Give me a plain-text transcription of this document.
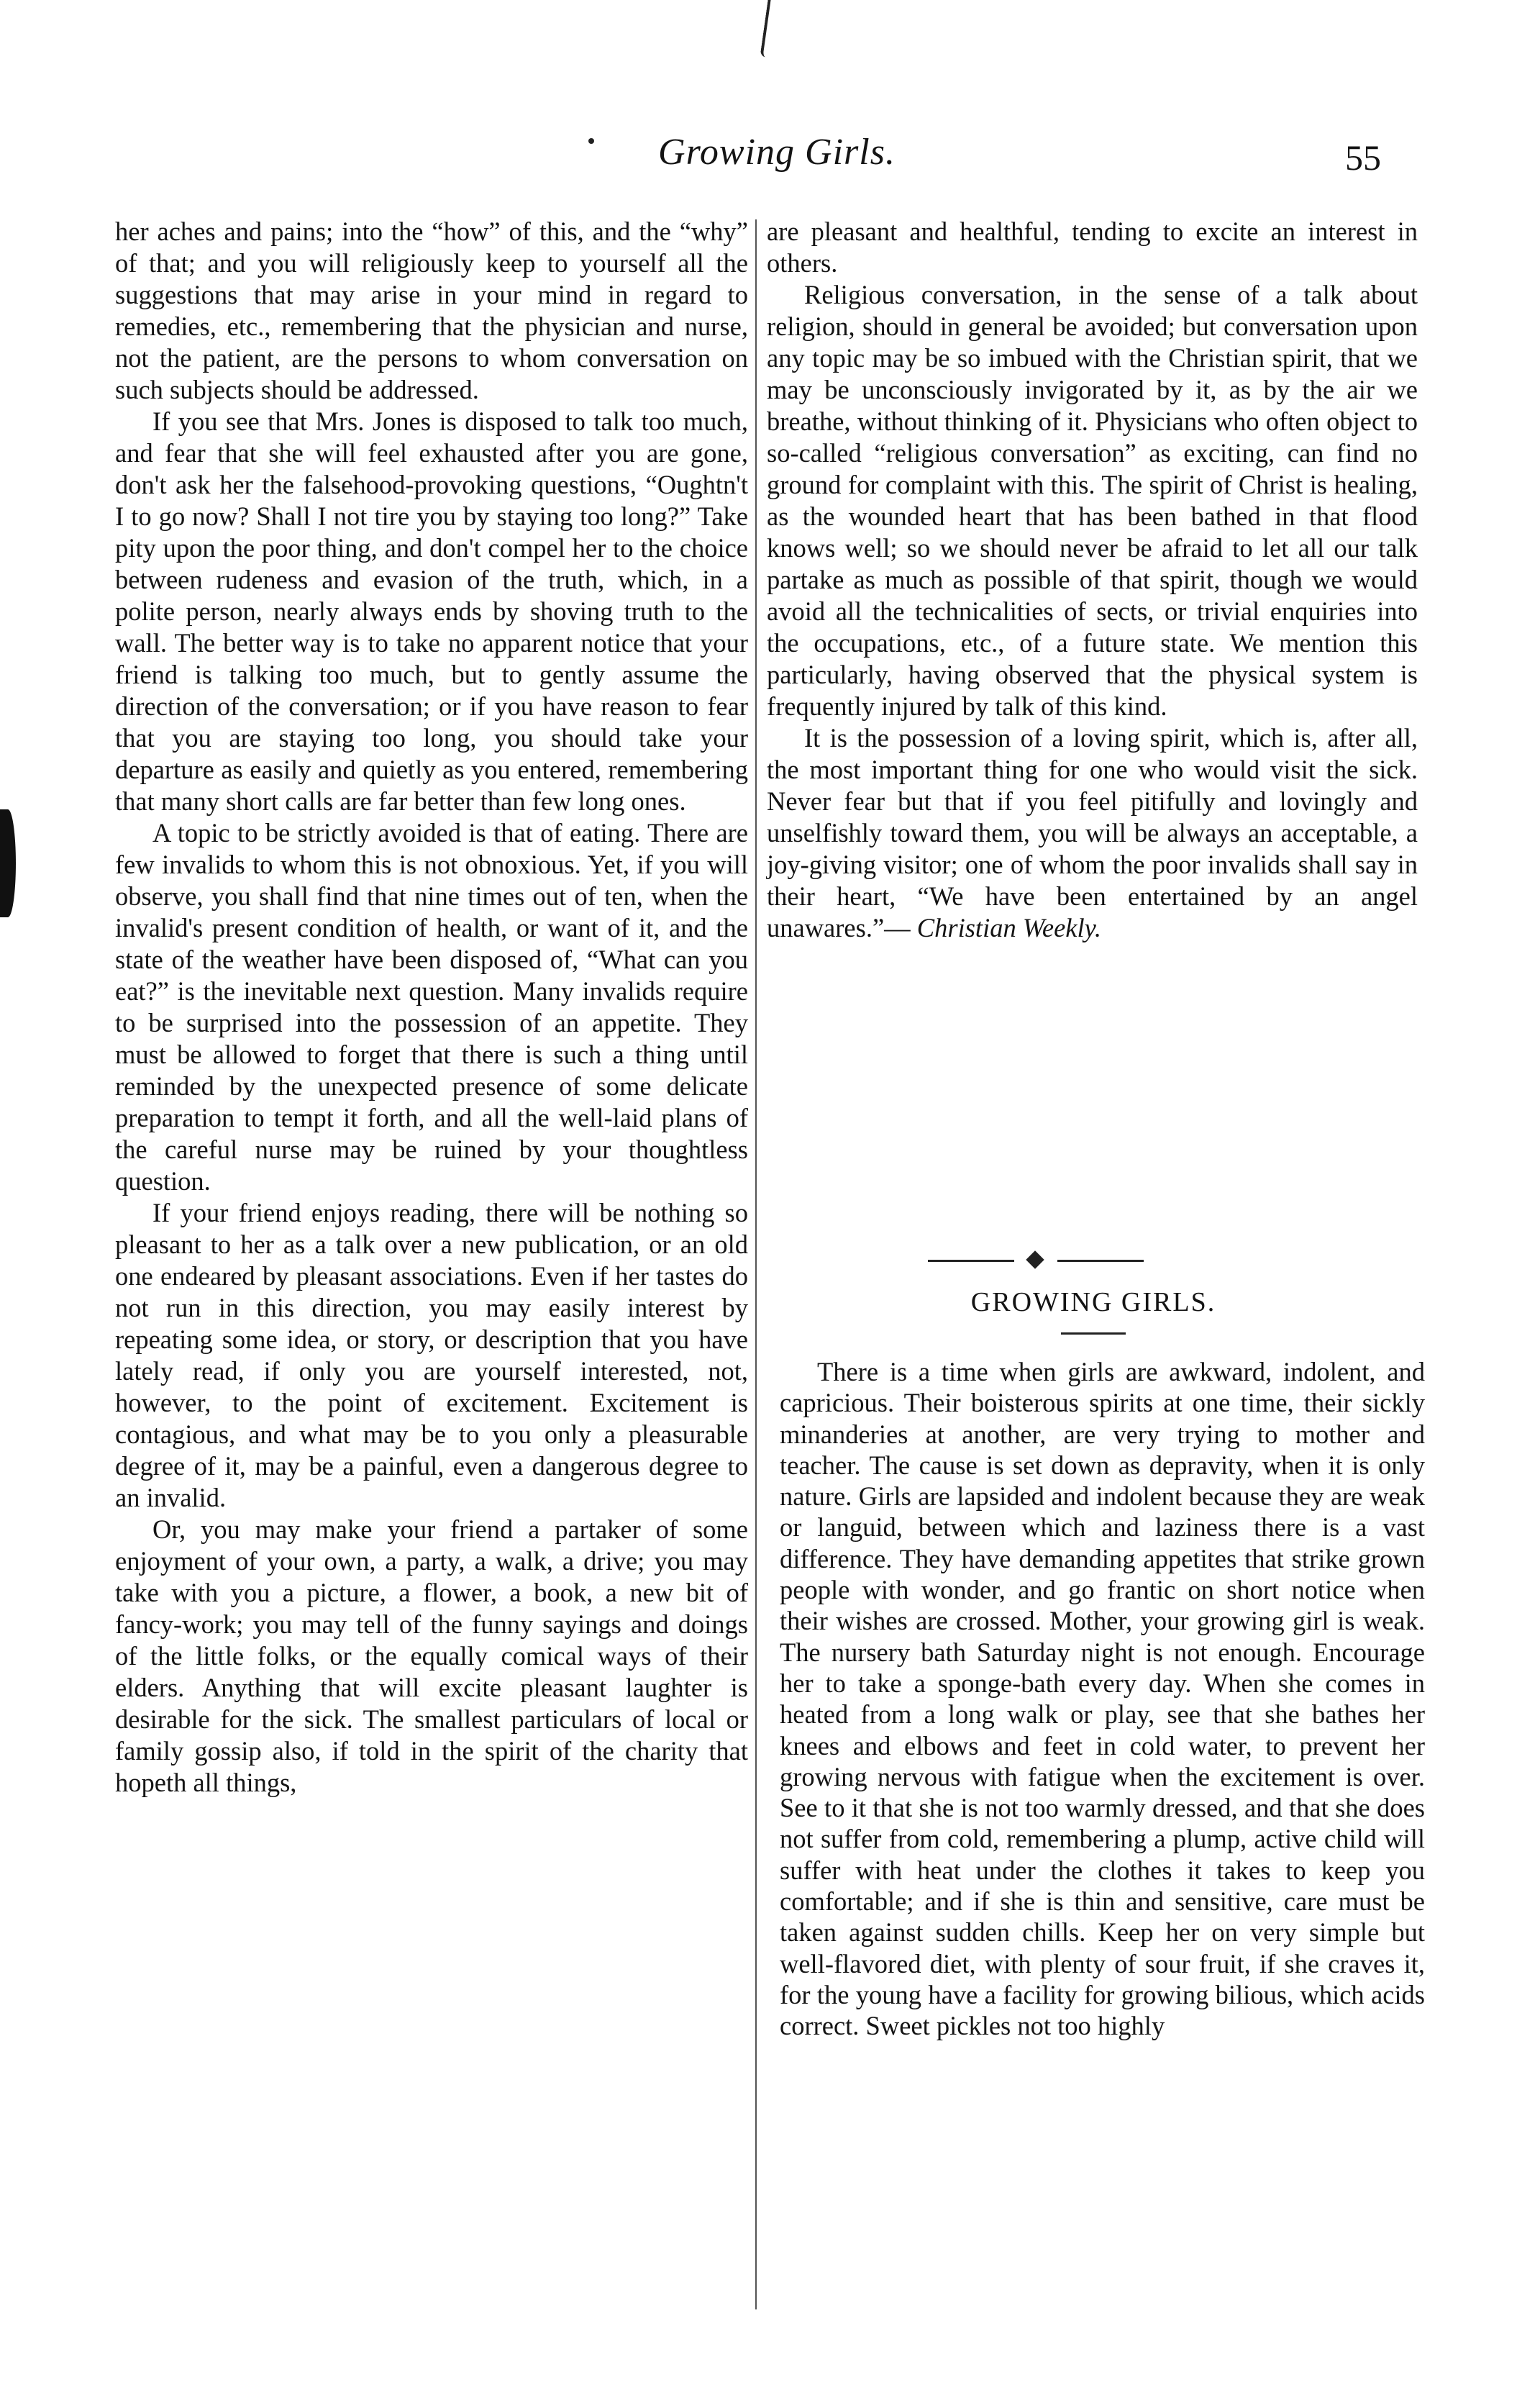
Growing Girls.	55

her aches and pains; into the “how” of this, and the “why” of that; and you will religiously keep to yourself all the suggestions that may arise in your mind in regard to remedies, etc., remembering that the physician and nurse, not the patient, are the persons to whom conversation on such subjects should be addressed.

If you see that Mrs. Jones is disposed to talk too much, and fear that she will feel exhausted after you are gone, don't ask her the falsehood-provoking questions, “Oughtn't I to go now? Shall I not tire you by staying too long?” Take pity upon the poor thing, and don't compel her to the choice between rudeness and evasion of the truth, which, in a polite person, nearly always ends by shoving truth to the wall. The better way is to take no apparent notice that your friend is talking too much, but to gently assume the direction of the conversation; or if you have reason to fear that you are staying too long, you should take your departure as easily and quietly as you entered, remembering that many short calls are far better than few long ones.

A topic to be strictly avoided is that of eating. There are few invalids to whom this is not obnoxious. Yet, if you will observe, you shall find that nine times out of ten, when the invalid's present condition of health, or want of it, and the state of the weather have been disposed of, “What can you eat?” is the inevitable next question. Many invalids require to be surprised into the possession of an appetite. They must be allowed to forget that there is such a thing until reminded by the unexpected presence of some delicate preparation to tempt it forth, and all the well-laid plans of the careful nurse may be ruined by your thoughtless question.

If your friend enjoys reading, there will be nothing so pleasant to her as a talk over a new publication, or an old one endeared by pleasant associations. Even if her tastes do not run in this direction, you may easily interest by repeating some idea, or story, or description that you have lately read, if only you are yourself interested, not, however, to the point of excitement. Excitement is contagious, and what may be to you only a pleasurable degree of it, may be a painful, even a dangerous degree to an invalid.

Or, you may make your friend a partaker of some enjoyment of your own, a party, a walk, a drive; you may take with you a picture, a flower, a book, a new bit of fancy-work; you may tell of the funny sayings and doings of the little folks, or the equally comical ways of their elders. Anything that will excite pleasant laughter is desirable for the sick. The smallest particulars of local or family gossip also, if told in the spirit of the charity that hopeth all things,

are pleasant and healthful, tending to excite an interest in others.

Religious conversation, in the sense of a talk about religion, should in general be avoided; but conversation upon any topic may be so imbued with the Christian spirit, that we may be unconsciously invigorated by it, as by the air we breathe, without thinking of it. Physicians who often object to so-called “religious conversation” as exciting, can find no ground for complaint with this. The spirit of Christ is healing, as the wounded heart that has been bathed in that flood knows well; so we should never be afraid to let all our talk partake as much as possible of that spirit, though we would avoid all the technicalities of sects, or trivial enquiries into the occupations, etc., of a future state. We mention this particularly, having observed that the physical system is frequently injured by talk of this kind.

It is the possession of a loving spirit, which is, after all, the most important thing for one who would visit the sick. Never fear but that if you feel pitifully and lovingly and unselfishly toward them, you will be always an acceptable, a joy-giving visitor; one of whom the poor invalids shall say in their heart, “We have been entertained by an angel unawares.”— Christian Weekly.

GROWING GIRLS.

There is a time when girls are awkward, indolent, and capricious. Their boisterous spirits at one time, their sickly minanderies at another, are very trying to mother and teacher. The cause is set down as depravity, when it is only nature. Girls are lapsided and indolent because they are weak or languid, between which and laziness there is a vast difference. They have demanding appetites that strike grown people with wonder, and go frantic on short notice when their wishes are crossed. Mother, your growing girl is weak. The nursery bath Saturday night is not enough. Encourage her to take a sponge-bath every day. When she comes in heated from a long walk or play, see that she bathes her knees and elbows and feet in cold water, to prevent her growing nervous with fatigue when the excitement is over. See to it that she is not too warmly dressed, and that she does not suffer from cold, remembering a plump, active child will suffer with heat under the clothes it takes to keep you comfortable; and if she is thin and sensitive, care must be taken against sudden chills. Keep her on very simple but well-flavored diet, with plenty of sour fruit, if she craves it, for the young have a facility for growing bilious, which acids correct. Sweet pickles not too highly
